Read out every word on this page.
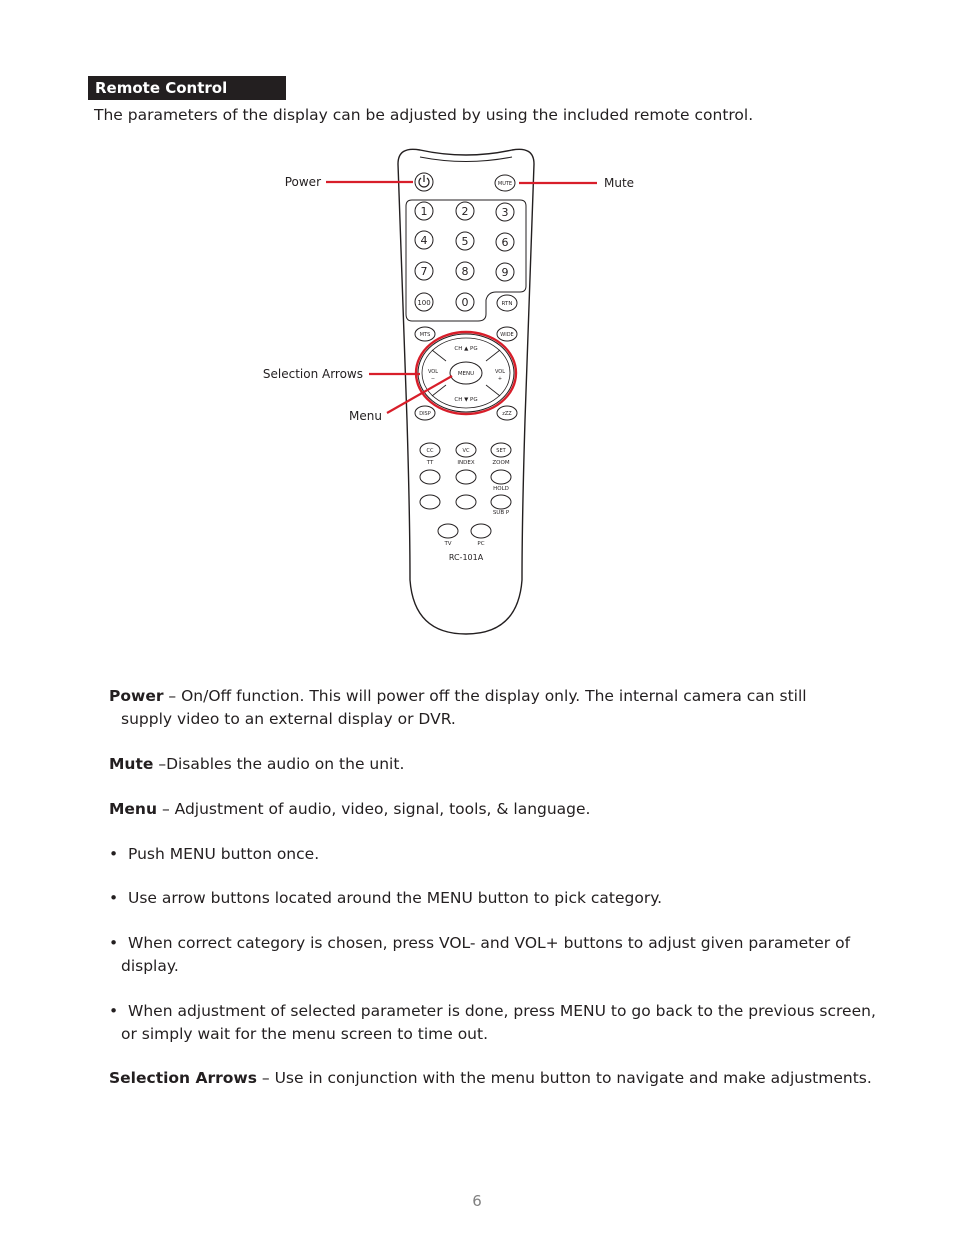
Remote Control
The parameters of the display can be adjusted by using the included remote control.
MUTE
1	2	3
4	5	6
7	8	9
100	0	RTN
MTS	WIDE
CH ▲ PG
CH ▼ PG
VOL
−
VOL
+
MENU
DISP	zZZ
CC
TT
VC
INDEX
SET
ZOOM
HOLD
SUB P
TV	PC
RC-101A
Power	Mute
Selection Arrows
Menu
Power – On/Off function. This will power off the display only. The internal camera can still
supply video to an external display or DVR.
Mute –Disables the audio on the unit.
Menu – Adjustment of audio, video, signal, tools, & language.
• Push MENU button once.
• Use arrow buttons located around the MENU button to pick category.
• When correct category is chosen, press VOL- and VOL+ buttons to adjust given parameter of
display.
• When adjustment of selected parameter is done, press MENU to go back to the previous screen,
or simply wait for the menu screen to time out.
Selection Arrows – Use in conjunction with the menu button to navigate and make adjustments.
6
